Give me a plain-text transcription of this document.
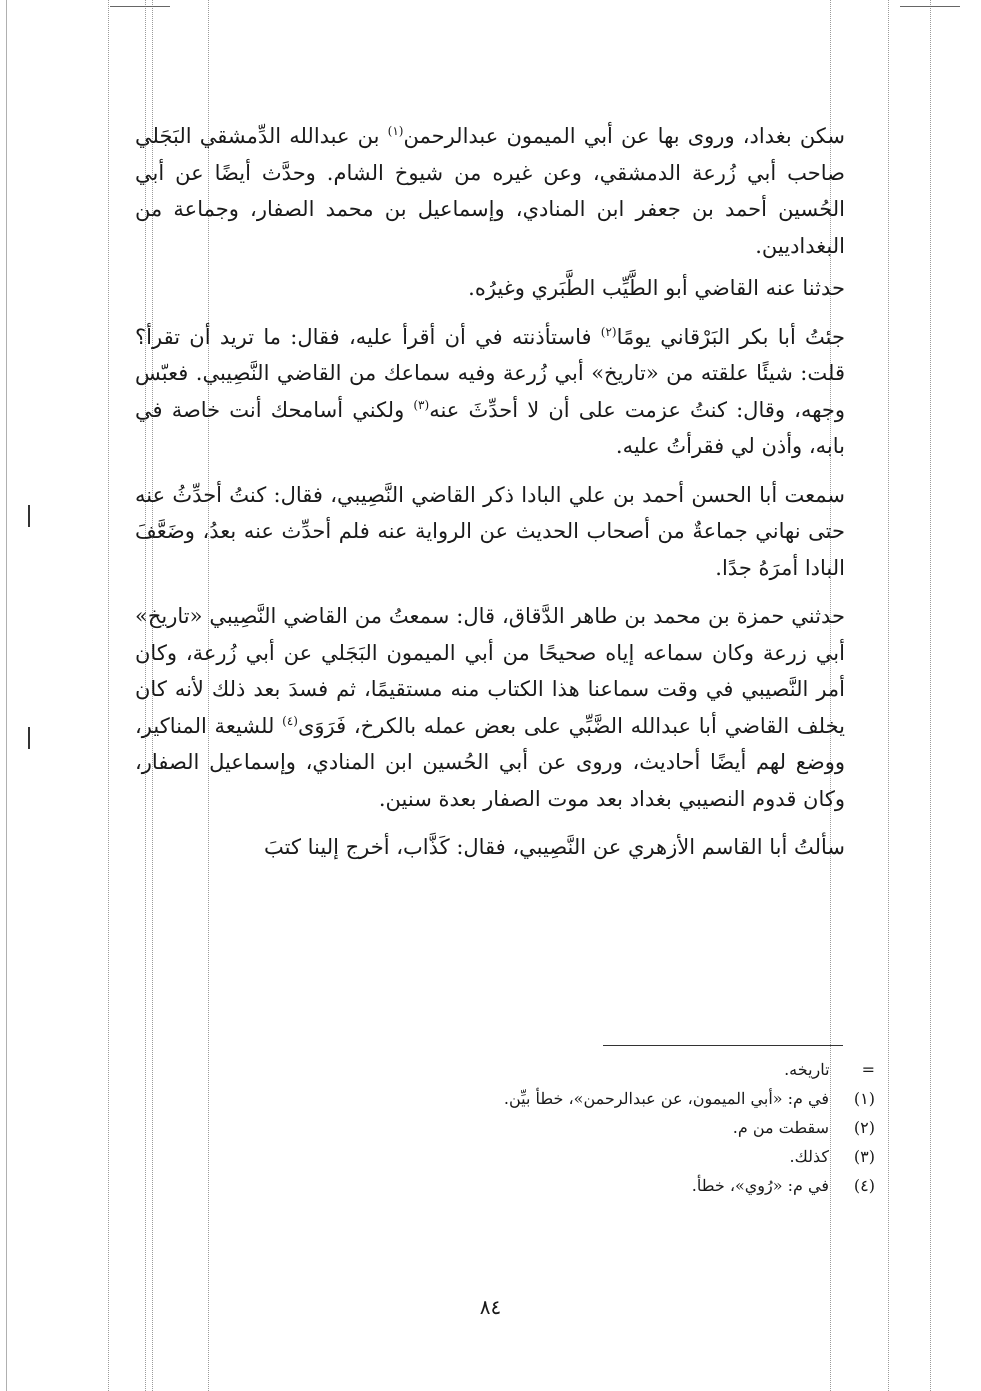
سكن بغداد، وروى بها عن أبي الميمون عبدالرحمن$^{(١)}$ بن عبدالله الدِّمشقي البَجَلي صاحب أبي زُرعة الدمشقي، وعن غيره من شيوخ الشام. وحدَّث أيضًا عن أبي الحُسين أحمد بن جعفر ابن المنادي، وإسماعيل بن محمد الصفار، وجماعة من البغداديين.

حدثنا عنه القاضي أبو الطَّيِّب الطَّبَري وغيرُه.

جئتُ أبا بكر البَرْقاني يومًا$^{(٢)}$ فاستأذنته في أن أقرأ عليه، فقال: ما تريد أن تقرأ؟ قلت: شيئًا علقته من «تاريخ» أبي زُرعة وفيه سماعك من القاضي النَّصِيبي. فعبّس وجهه، وقال: كنتُ عزمت على أن لا أحدِّثَ عنه$^{(٣)}$ ولكني أسامحك أنت خاصة في بابه، وأذن لي فقرأتُ عليه.

سمعت أبا الحسن أحمد بن علي البادا ذكر القاضي النَّصِيبي، فقال: كنتُ أحدِّثُ عنه حتى نهاني جماعةٌ من أصحاب الحديث عن الرواية عنه فلم أحدِّث عنه بعدُ، وضَعَّفَ البادا أمرَهُ جدًا.

حدثني حمزة بن محمد بن طاهر الدَّقاق، قال: سمعتُ من القاضي النَّصِيبي «تاريخ» أبي زرعة وكان سماعه إياه صحيحًا من أبي الميمون البَجَلي عن أبي زُرعة، وكان أمر النَّصيبي في وقت سماعنا هذا الكتاب منه مستقيمًا، ثم فسدَ بعد ذلك لأنه كان يخلف القاضي أبا عبدالله الضَّبِّي على بعض عمله بالكرخ، فَرَوَى$^{(٤)}$ للشيعة المناكير، ووضع لهم أيضًا أحاديث، وروى عن أبي الحُسين ابن المنادي، وإسماعيل الصفار، وكان قدوم النصيبي بغداد بعد موت الصفار بعدة سنين.

سألتُ أبا القاسم الأزهري عن النَّصِيبي، فقال: كَذَّاب، أخرج إلينا كتبَ

=
تاريخه.
(١)
في م: «أبي الميمون، عن عبدالرحمن»، خطأ بيِّن.
(٢)
سقطت من م.
(٣)
كذلك.
(٤)
في م: «رُوي»، خطأ.
٨٤
